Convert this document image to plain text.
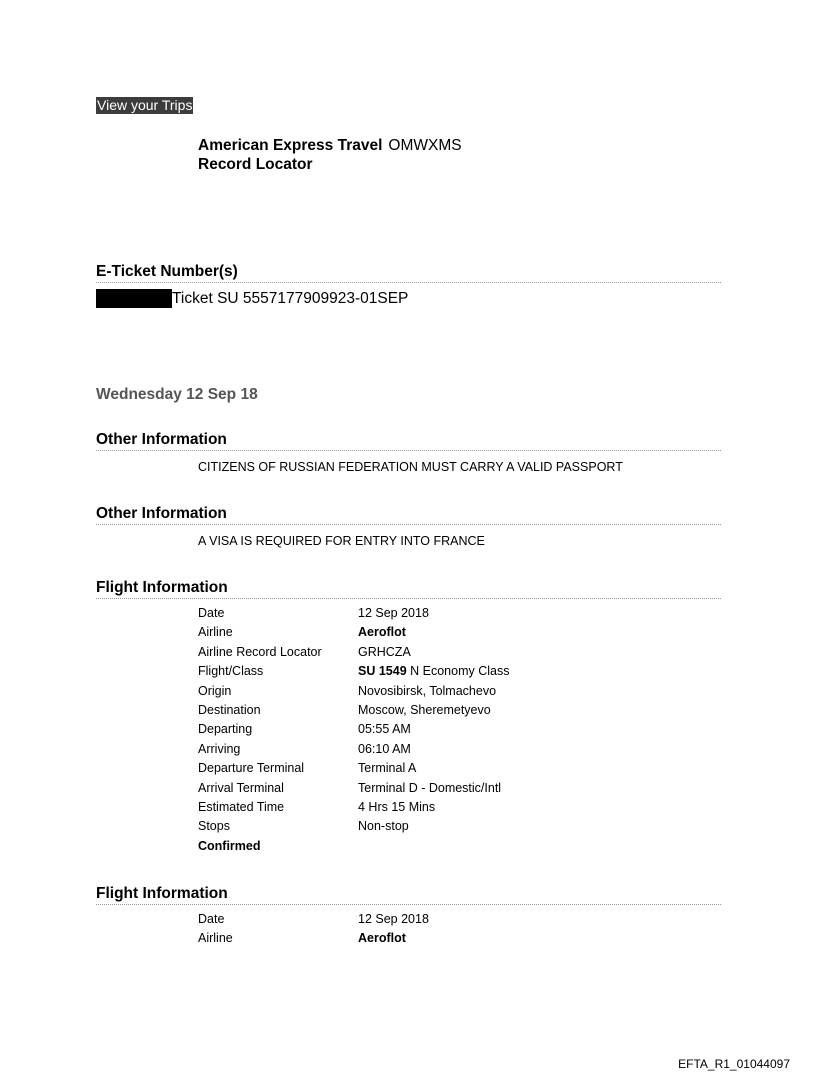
View your Trips
American Express Travel OMWXMS
Record Locator
E-Ticket Number(s)
Ticket SU 5557177909923-01SEP
Wednesday 12 Sep 18
Other Information
CITIZENS OF RUSSIAN FEDERATION MUST CARRY A VALID PASSPORT
Other Information
A VISA IS REQUIRED FOR ENTRY INTO FRANCE
Flight Information
Date	12 Sep 2018
Airline	Aeroflot
Airline Record Locator	GRHCZA
Flight/Class	SU 1549 N Economy Class
Origin	Novosibirsk, Tolmachevo
Destination	Moscow, Sheremetyevo
Departing	05:55 AM
Arriving	06:10 AM
Departure Terminal	Terminal A
Arrival Terminal	Terminal D - Domestic/Intl
Estimated Time	4 Hrs 15 Mins
Stops	Non-stop
Confirmed
Flight Information
Date	12 Sep 2018
Airline	Aeroflot
EFTA_R1_01044097
